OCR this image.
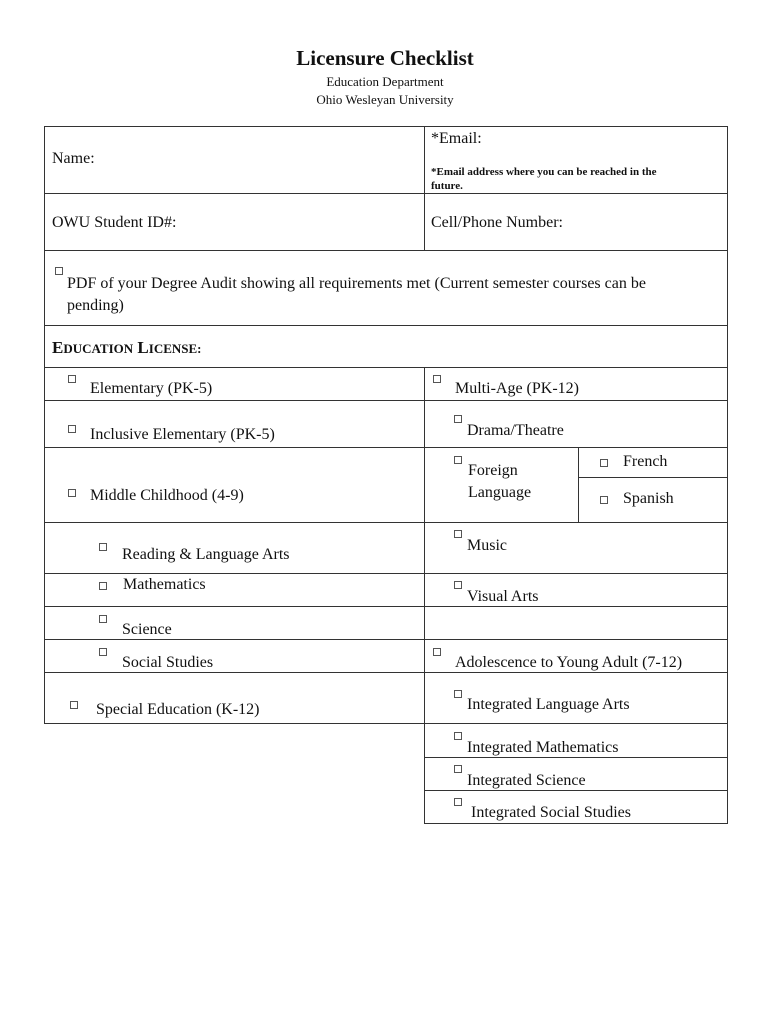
Licensure Checklist
Education Department
Ohio Wesleyan University
Name:
*Email:
*Email address where you can be reached in the
future.
OWU Student ID#:	Cell/Phone Number:
PDF of your Degree Audit showing all requirements met (Current semester courses can be
pending)
EDUCATION LICENSE:
Elementary (PK-5)
Inclusive Elementary (PK-5)
Middle Childhood (4-9)
Reading & Language Arts
Mathematics
Science
Social Studies
Special Education (K-12)
Multi-Age (PK-12)
Drama/Theatre
Foreign
Language
French
Spanish
Music
Visual Arts
Adolescence to Young Adult (7-12)
Integrated Language Arts
Integrated Mathematics
Integrated Science
Integrated Social Studies
